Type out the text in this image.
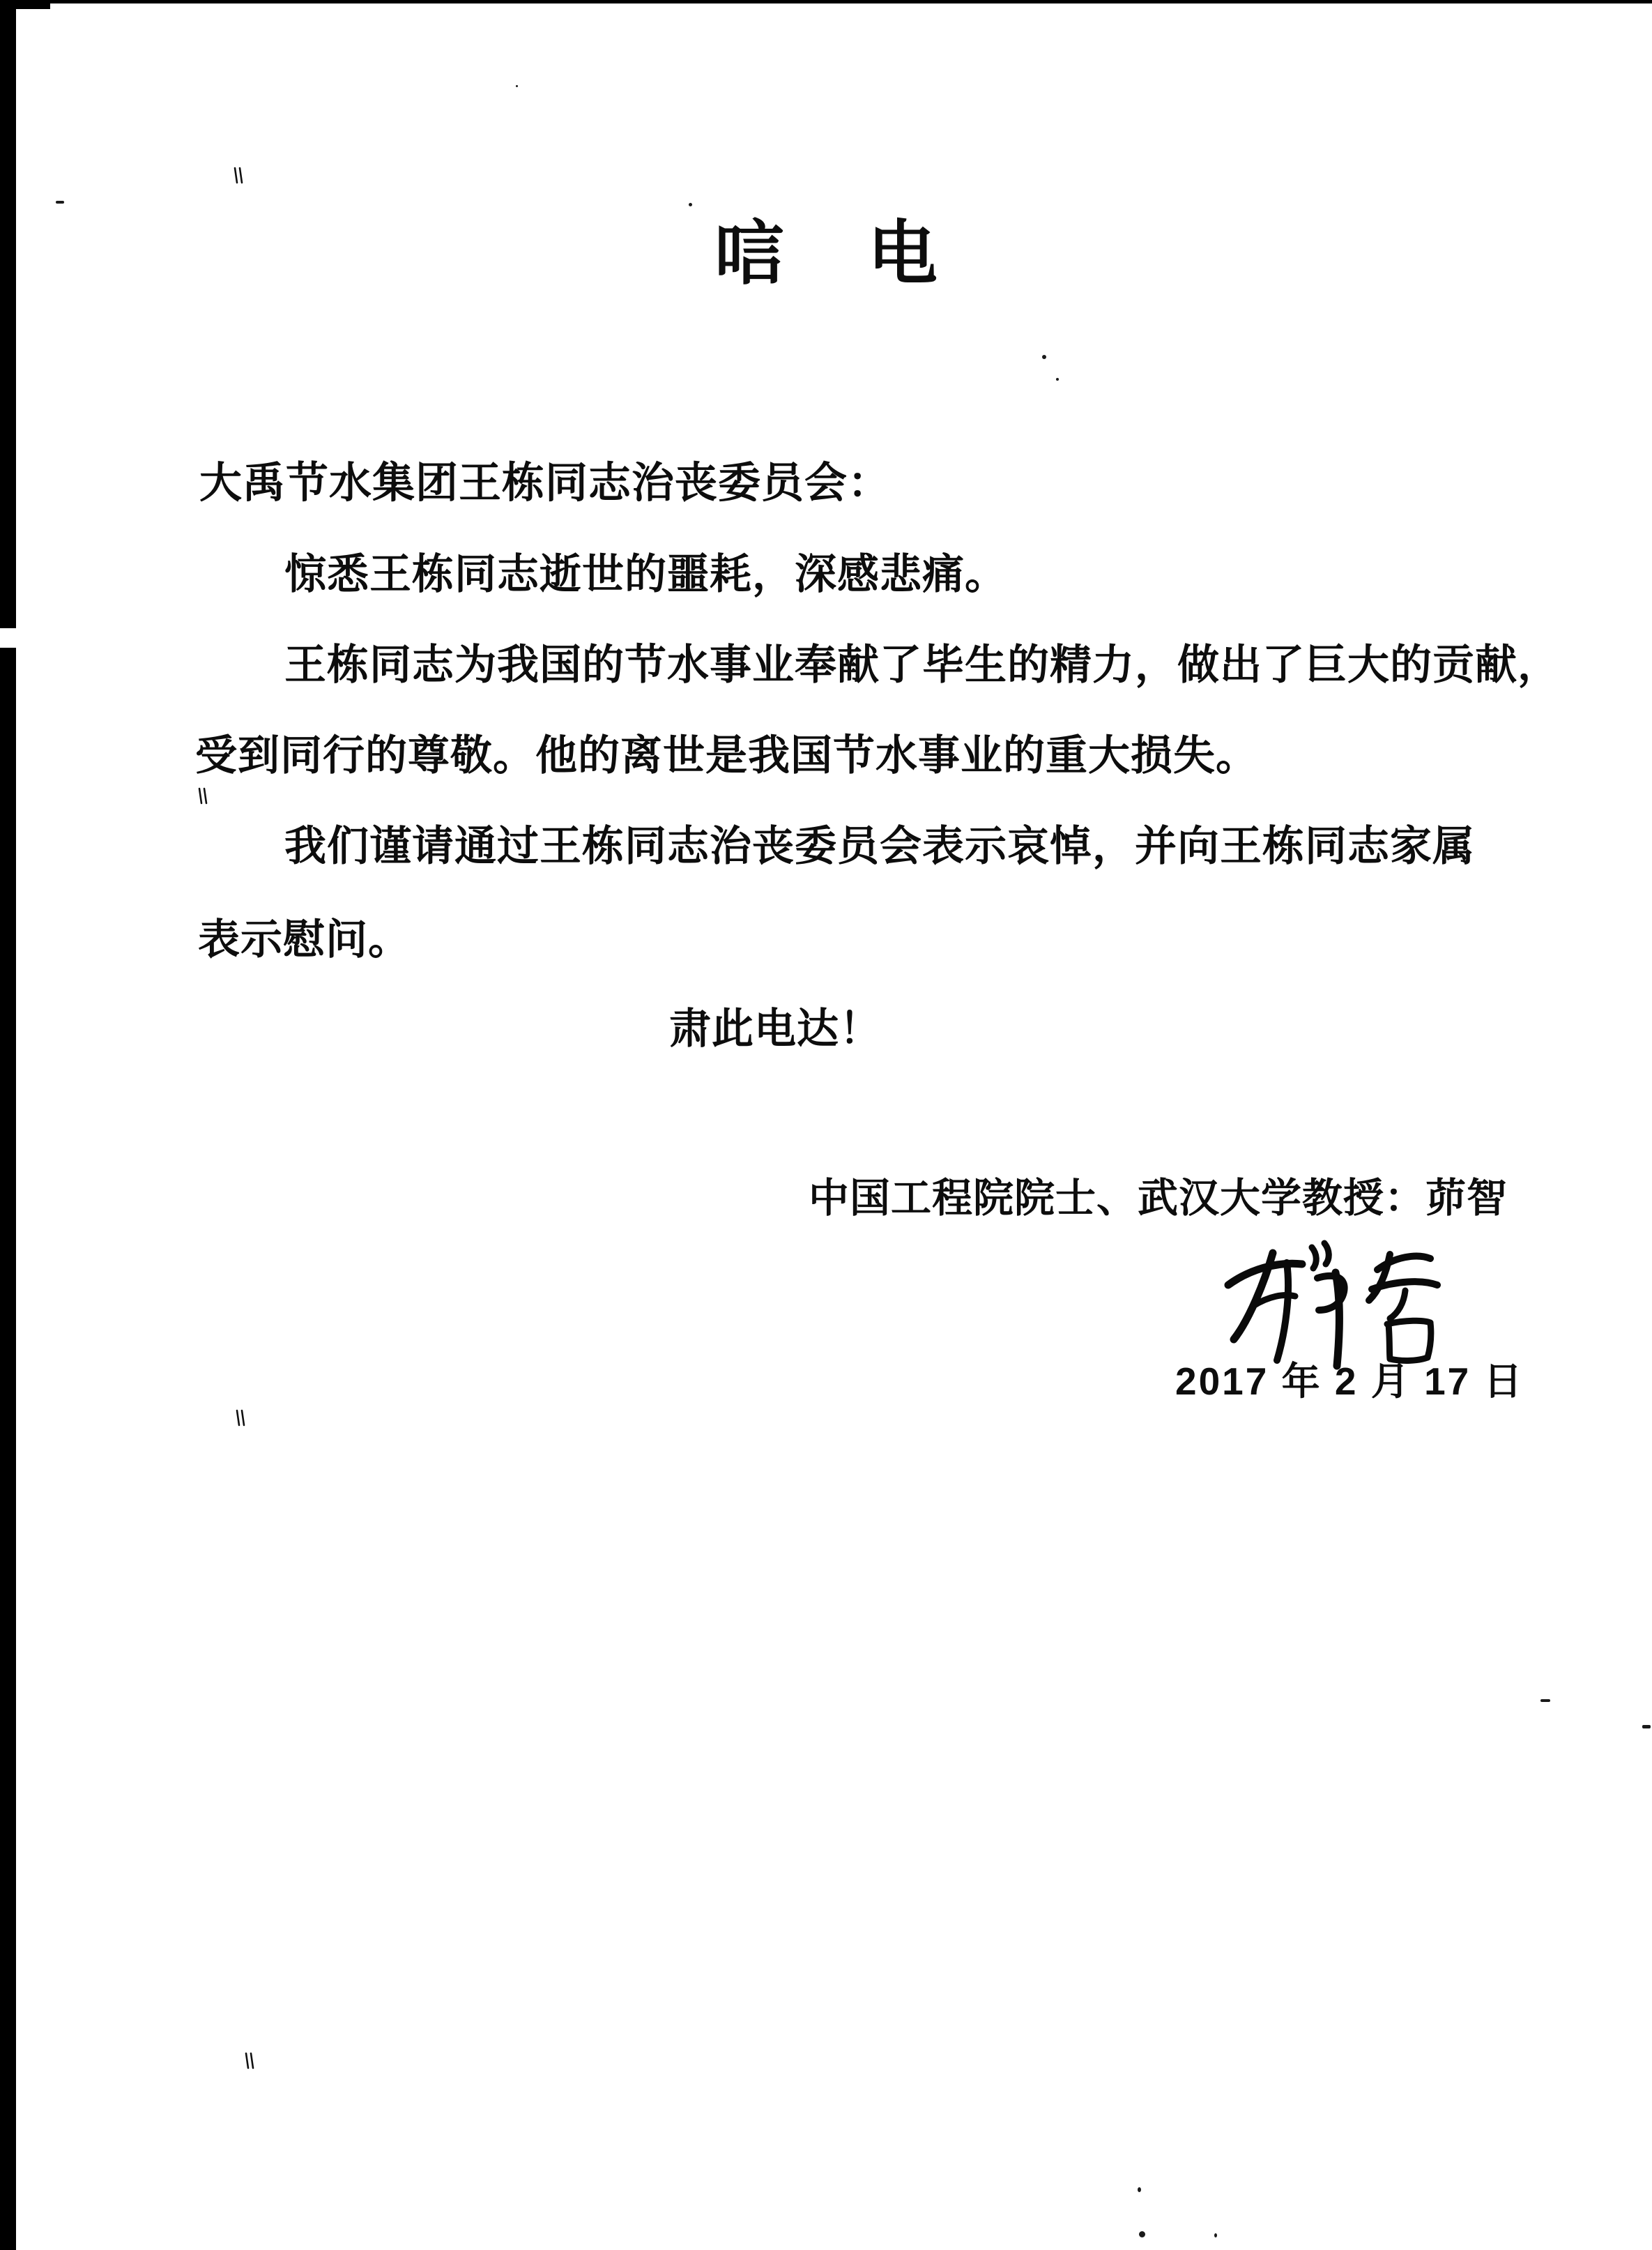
唁 电
大禹节水集团王栋同志治丧委员会：
惊悉王栋同志逝世的噩耗，深感悲痛。
王栋同志为我国的节水事业奉献了毕生的精力，做出了巨大的贡献，
受到同行的尊敬。他的离世是我国节水事业的重大损失。
我们谨请通过王栋同志治丧委员会表示哀悼，并向王栋同志家属
表示慰问。
肃此电达！
中国工程院院士、武汉大学教授：茆智
2017 年 2 月 17 日
